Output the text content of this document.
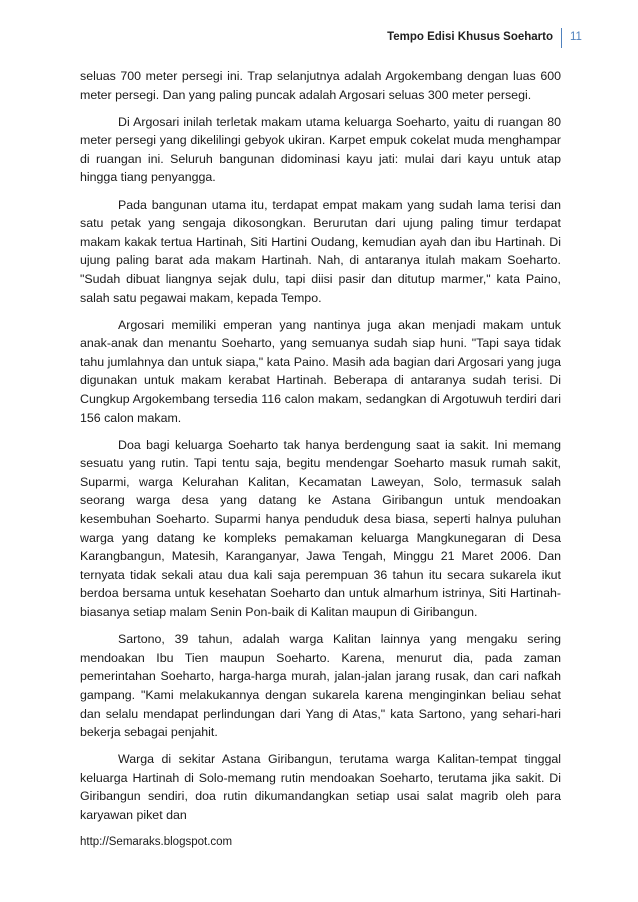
Tempo Edisi Khusus Soeharto 11

seluas 700 meter persegi ini. Trap selanjutnya adalah Argokembang dengan luas 600 meter persegi. Dan yang paling puncak adalah Argosari seluas 300 meter persegi.

Di Argosari inilah terletak makam utama keluarga Soeharto, yaitu di ruangan 80 meter persegi yang dikelilingi gebyok ukiran. Karpet empuk cokelat muda menghampar di ruangan ini. Seluruh bangunan didominasi kayu jati: mulai dari kayu untuk atap hingga tiang penyangga.

Pada bangunan utama itu, terdapat empat makam yang sudah lama terisi dan satu petak yang sengaja dikosongkan. Berurutan dari ujung paling timur terdapat makam kakak tertua Hartinah, Siti Hartini Oudang, kemudian ayah dan ibu Hartinah. Di ujung paling barat ada makam Hartinah. Nah, di antaranya itulah makam Soeharto. "Sudah dibuat liangnya sejak dulu, tapi diisi pasir dan ditutup marmer," kata Paino, salah satu pegawai makam, kepada Tempo.

Argosari memiliki emperan yang nantinya juga akan menjadi makam untuk anak-anak dan menantu Soeharto, yang semuanya sudah siap huni. "Tapi saya tidak tahu jumlahnya dan untuk siapa," kata Paino. Masih ada bagian dari Argosari yang juga digunakan untuk makam kerabat Hartinah. Beberapa di antaranya sudah terisi. Di Cungkup Argokembang tersedia 116 calon makam, sedangkan di Argotuwuh terdiri dari 156 calon makam.

Doa bagi keluarga Soeharto tak hanya berdengung saat ia sakit. Ini memang sesuatu yang rutin. Tapi tentu saja, begitu mendengar Soeharto masuk rumah sakit, Suparmi, warga Kelurahan Kalitan, Kecamatan Laweyan, Solo, termasuk salah seorang warga desa yang datang ke Astana Giribangun untuk mendoakan kesembuhan Soeharto. Suparmi hanya penduduk desa biasa, seperti halnya puluhan warga yang datang ke kompleks pemakaman keluarga Mangkunegaran di Desa Karangbangun, Matesih, Karanganyar, Jawa Tengah, Minggu 21 Maret 2006. Dan ternyata tidak sekali atau dua kali saja perempuan 36 tahun itu secara sukarela ikut berdoa bersama untuk kesehatan Soeharto dan untuk almarhum istrinya, Siti Hartinah-biasanya setiap malam Senin Pon-baik di Kalitan maupun di Giribangun.

Sartono, 39 tahun, adalah warga Kalitan lainnya yang mengaku sering mendoakan Ibu Tien maupun Soeharto. Karena, menurut dia, pada zaman pemerintahan Soeharto, harga-harga murah, jalan-jalan jarang rusak, dan cari nafkah gampang. "Kami melakukannya dengan sukarela karena menginginkan beliau sehat dan selalu mendapat perlindungan dari Yang di Atas," kata Sartono, yang sehari-hari bekerja sebagai penjahit.

Warga di sekitar Astana Giribangun, terutama warga Kalitan-tempat tinggal keluarga Hartinah di Solo-memang rutin mendoakan Soeharto, terutama jika sakit. Di Giribangun sendiri, doa rutin dikumandangkan setiap usai salat magrib oleh para karyawan piket dan

http://Semaraks.blogspot.com
